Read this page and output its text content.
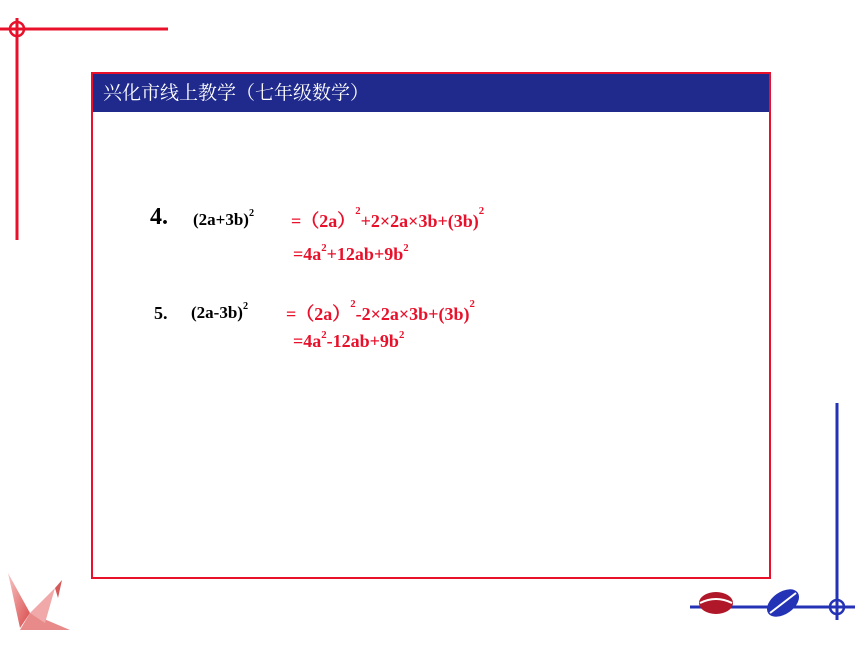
兴化市线上教学（七年级数学）
4. $(2a+3b)^2 =(2a)^2+2\times 2a\times 3b+(3b)^2$
$=4a^2+12ab+9b^2$
5. $(2a-3b)^2 =(2a)^2-2\times 2a\times 3b+(3b)^2$
$=4a^2-12ab+9b^2$
